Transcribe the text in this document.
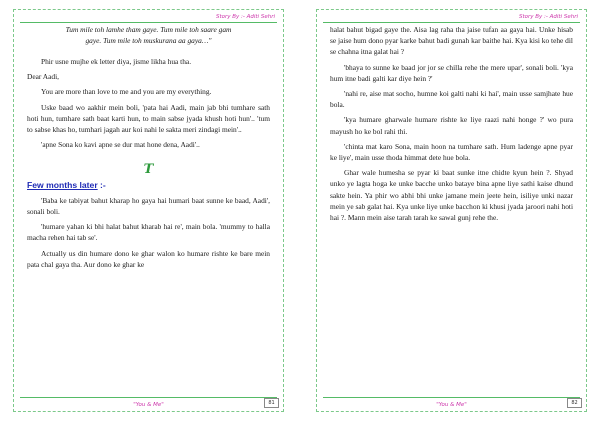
Story By :- Aditi Sehri

Tum mile toh lamhe tham gaye. Tum mile toh saare gam

gaye. Tum mile toh muskurana aa gaya…"

Phir usne mujhe ek letter diya, jisme likha hua tha.

Dear Aadi,

You are more than love to me and you are my everything.

Uske baad wo aakhir mein boli, 'pata hai Aadi, main jab bhi tumhare sath hoti hun, tumhare sath baat karti hun, to main sabse jyada khush hoti hun'.. 'tum to sabse khas ho, tumhari jagah aur koi nahi le sakta meri zindagi mein'..

'apne Sona ko kavi apne se dur mat hone dena, Aadi'..

T

Few months later :-

'Baba ke tabiyat bahut kharap ho gaya hai humari baat sunne ke baad, Aadi', sonali boli.

'humare yahan ki bhi halat bahut kharab hai re', main bola. 'mummy to halla macha rehen hai tab se'.

Actually us din humare dono ke ghar walon ko humare rishte ke bare mein pata chal gaya tha. Aur dono ke ghar ke

"You & Me"	81
Story By :- Aditi Sehri

halat bahut bigad gaye the. Aisa lag raha tha jaise tufan aa gaya hai. Unke hisab se jaise hum dono pyar karke bahut badi gunah kar baithe hai. Kya kisi ko tehe dil se chahna itna galat hai ?

'bhaya to sunne ke baad jor jor se chilla rehe the mere upar', sonali boli. 'kya hum itne badi galti kar diye hein ?'

'nahi re, aise mat socho, humne koi galti nahi ki hai', main usse samjhate hue bola.

'kya humare gharwale humare rishte ke liye raazi nahi honge ?' wo pura mayush ho ke bol rahi thi.

'chinta mat karo Sona, main hoon na tumhare sath. Hum ladenge apne pyar ke liye', main usse thoda himmat dete hue bola.

Ghar wale humesha se pyar ki baat sunke itne chidte kyun hein ?. Shyad unko ye lagta hoga ke unke bacche unko bataye bina apne liye sathi kaise dhund sakte hein. Ya phir wo abhi bhi unke jamane mein jeete hein, isiliye unki nazar mein ye sab galat hai. Kya unke liye unke bacchon ki khusi jyada jaroori nahi hoti hai ?. Mann mein aise tarah tarah ke sawal gunj rehe the.

"You & Me"	82
